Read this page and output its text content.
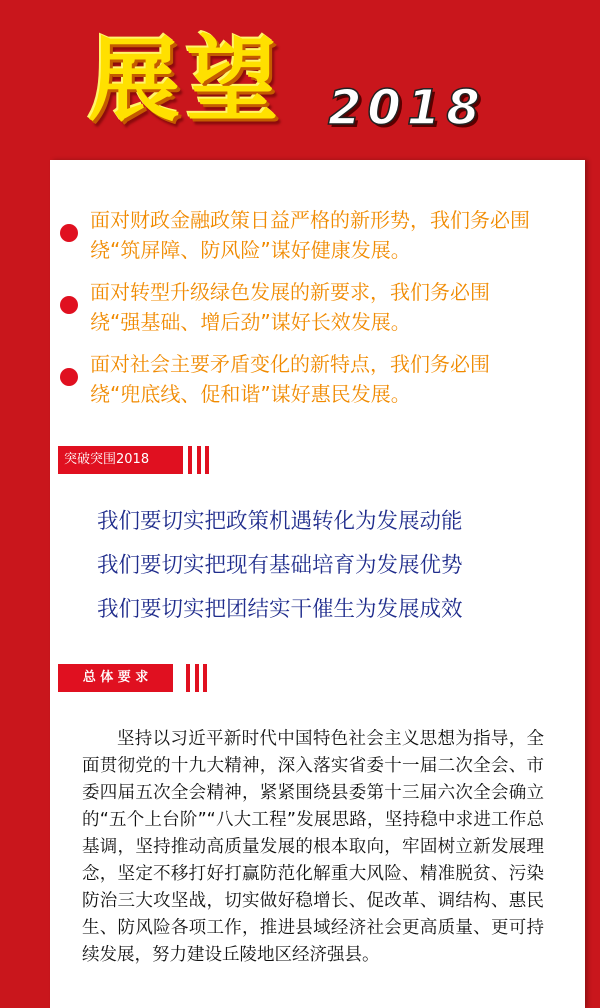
展望 2018
面对财政金融政策日益严格的新形势，我们务必围绕“筑屏障、防风险”谋好健康发展。
面对转型升级绿色发展的新要求，我们务必围绕“强基础、增后劲”谋好长效发展。
面对社会主要矛盾变化的新特点，我们务必围绕“兜底线、促和谐”谋好惠民发展。
突破突围2018
我们要切实把政策机遇转化为发展动能
我们要切实把现有基础培育为发展优势
我们要切实把团结实干催生为发展成效
总 体 要 求
坚持以习近平新时代中国特色社会主义思想为指导，全面贯彻党的十九大精神，深入落实省委十一届二次全会、市委四届五次全会精神，紧紧围绕县委第十三届六次全会确立的“五个上台阶”“八大工程”发展思路，坚持稳中求进工作总基调，坚持推动高质量发展的根本取向，牢固树立新发展理念，坚定不移打好打赢防范化解重大风险、精准脱贫、污染防治三大攻坚战，切实做好稳增长、促改革、调结构、惠民生、防风险各项工作，推进县域经济社会更高质量、更可持续发展，努力建设丘陵地区经济强县。
